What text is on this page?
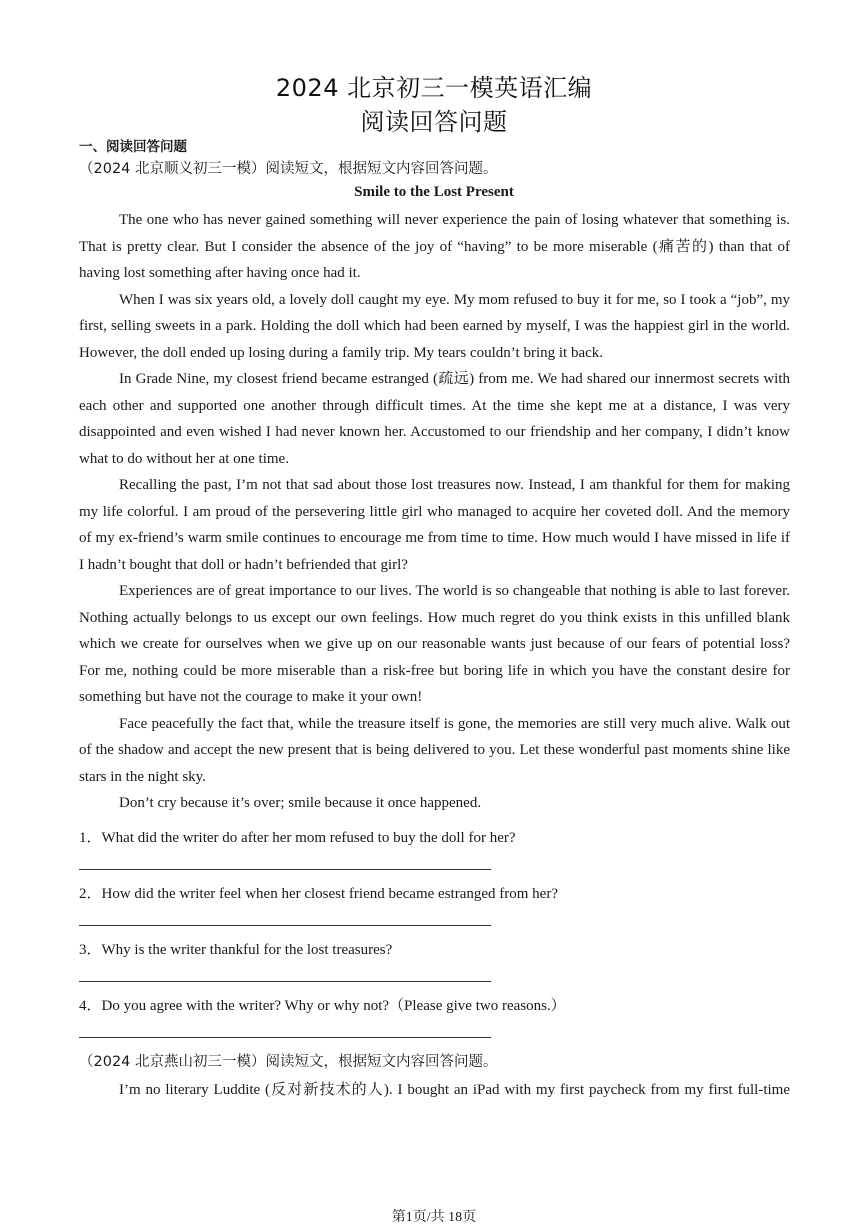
2024 北京初三一模英语汇编
阅读回答问题
一、阅读回答问题
（2024 北京顺义初三一模）阅读短文，根据短文内容回答问题。
Smile to the Lost Present

The one who has never gained something will never experience the pain of losing whatever that something is. That is pretty clear. But I consider the absence of the joy of “having” to be more miserable (痛苦的) than that of having lost something after having once had it.

When I was six years old, a lovely doll caught my eye. My mom refused to buy it for me, so I took a “job”, my first, selling sweets in a park. Holding the doll which had been earned by myself, I was the happiest girl in the world. However, the doll ended up losing during a family trip. My tears couldn’t bring it back.

In Grade Nine, my closest friend became estranged (疏远) from me. We had shared our innermost secrets with each other and supported one another through difficult times. At the time she kept me at a distance, I was very disappointed and even wished I had never known her. Accustomed to our friendship and her company, I didn’t know what to do without her at one time.

Recalling the past, I’m not that sad about those lost treasures now. Instead, I am thankful for them for making my life colorful. I am proud of the persevering little girl who managed to acquire her coveted doll. And the memory of my ex-friend’s warm smile continues to encourage me from time to time. How much would I have missed in life if I hadn’t bought that doll or hadn’t befriended that girl?

Experiences are of great importance to our lives. The world is so changeable that nothing is able to last forever. Nothing actually belongs to us except our own feelings. How much regret do you think exists in this unfilled blank which we create for ourselves when we give up on our reasonable wants just because of our fears of potential loss? For me, nothing could be more miserable than a risk-free but boring life in which you have the constant desire for something but have not the courage to make it your own!

Face peacefully the fact that, while the treasure itself is gone, the memories are still very much alive. Walk out of the shadow and accept the new present that is being delivered to you. Let these wonderful past moments shine like stars in the night sky.

Don’t cry because it’s over; smile because it once happened.

1．What did the writer do after her mom refused to buy the doll for her?
2．How did the writer feel when her closest friend became estranged from her?
3．Why is the writer thankful for the lost treasures?
4．Do you agree with the writer? Why or why not?（Please give two reasons.）
（2024 北京燕山初三一模）阅读短文，根据短文内容回答问题。

I’m no literary Luddite (反对新技术的人). I bought an iPad with my first paycheck from my first full-time

第1页/共 18页
